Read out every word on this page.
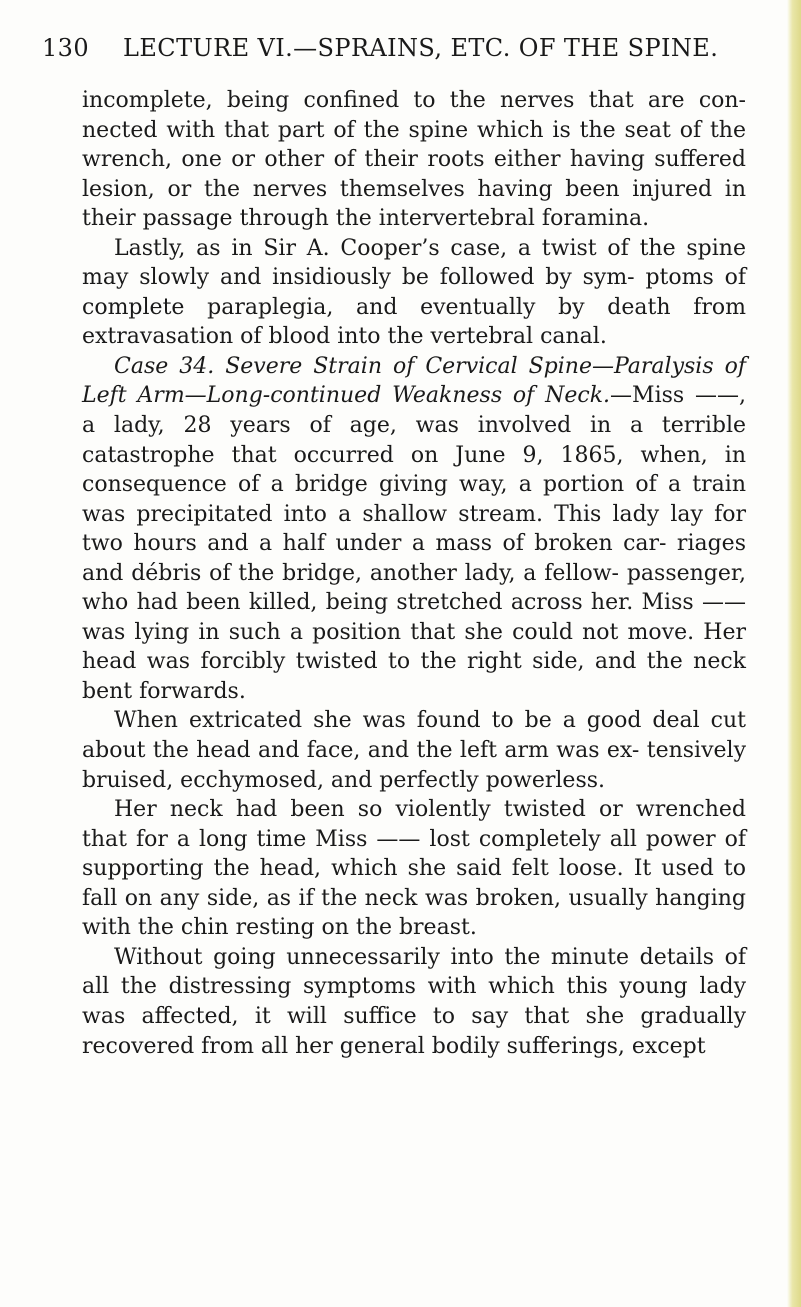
130 LECTURE VI.—SPRAINS, ETC. OF THE SPINE.

incomplete, being confined to the nerves that are con- nected with that part of the spine which is the seat of the wrench, one or other of their roots either having suffered lesion, or the nerves themselves having been injured in their passage through the intervertebral foramina.

Lastly, as in Sir A. Cooper’s case, a twist of the spine may slowly and insidiously be followed by sym- ptoms of complete paraplegia, and eventually by death from extravasation of blood into the vertebral canal.

Case 34. Severe Strain of Cervical Spine—Paralysis of Left Arm—Long-continued Weakness of Neck.—Miss ——, a lady, 28 years of age, was involved in a terrible catastrophe that occurred on June 9, 1865, when, in consequence of a bridge giving way, a portion of a train was precipitated into a shallow stream. This lady lay for two hours and a half under a mass of broken car- riages and débris of the bridge, another lady, a fellow- passenger, who had been killed, being stretched across her. Miss —— was lying in such a position that she could not move. Her head was forcibly twisted to the right side, and the neck bent forwards.

When extricated she was found to be a good deal cut about the head and face, and the left arm was ex- tensively bruised, ecchymosed, and perfectly powerless.

Her neck had been so violently twisted or wrenched that for a long time Miss —— lost completely all power of supporting the head, which she said felt loose. It used to fall on any side, as if the neck was broken, usually hanging with the chin resting on the breast.

Without going unnecessarily into the minute details of all the distressing symptoms with which this young lady was affected, it will suffice to say that she gradually recovered from all her general bodily sufferings, except
